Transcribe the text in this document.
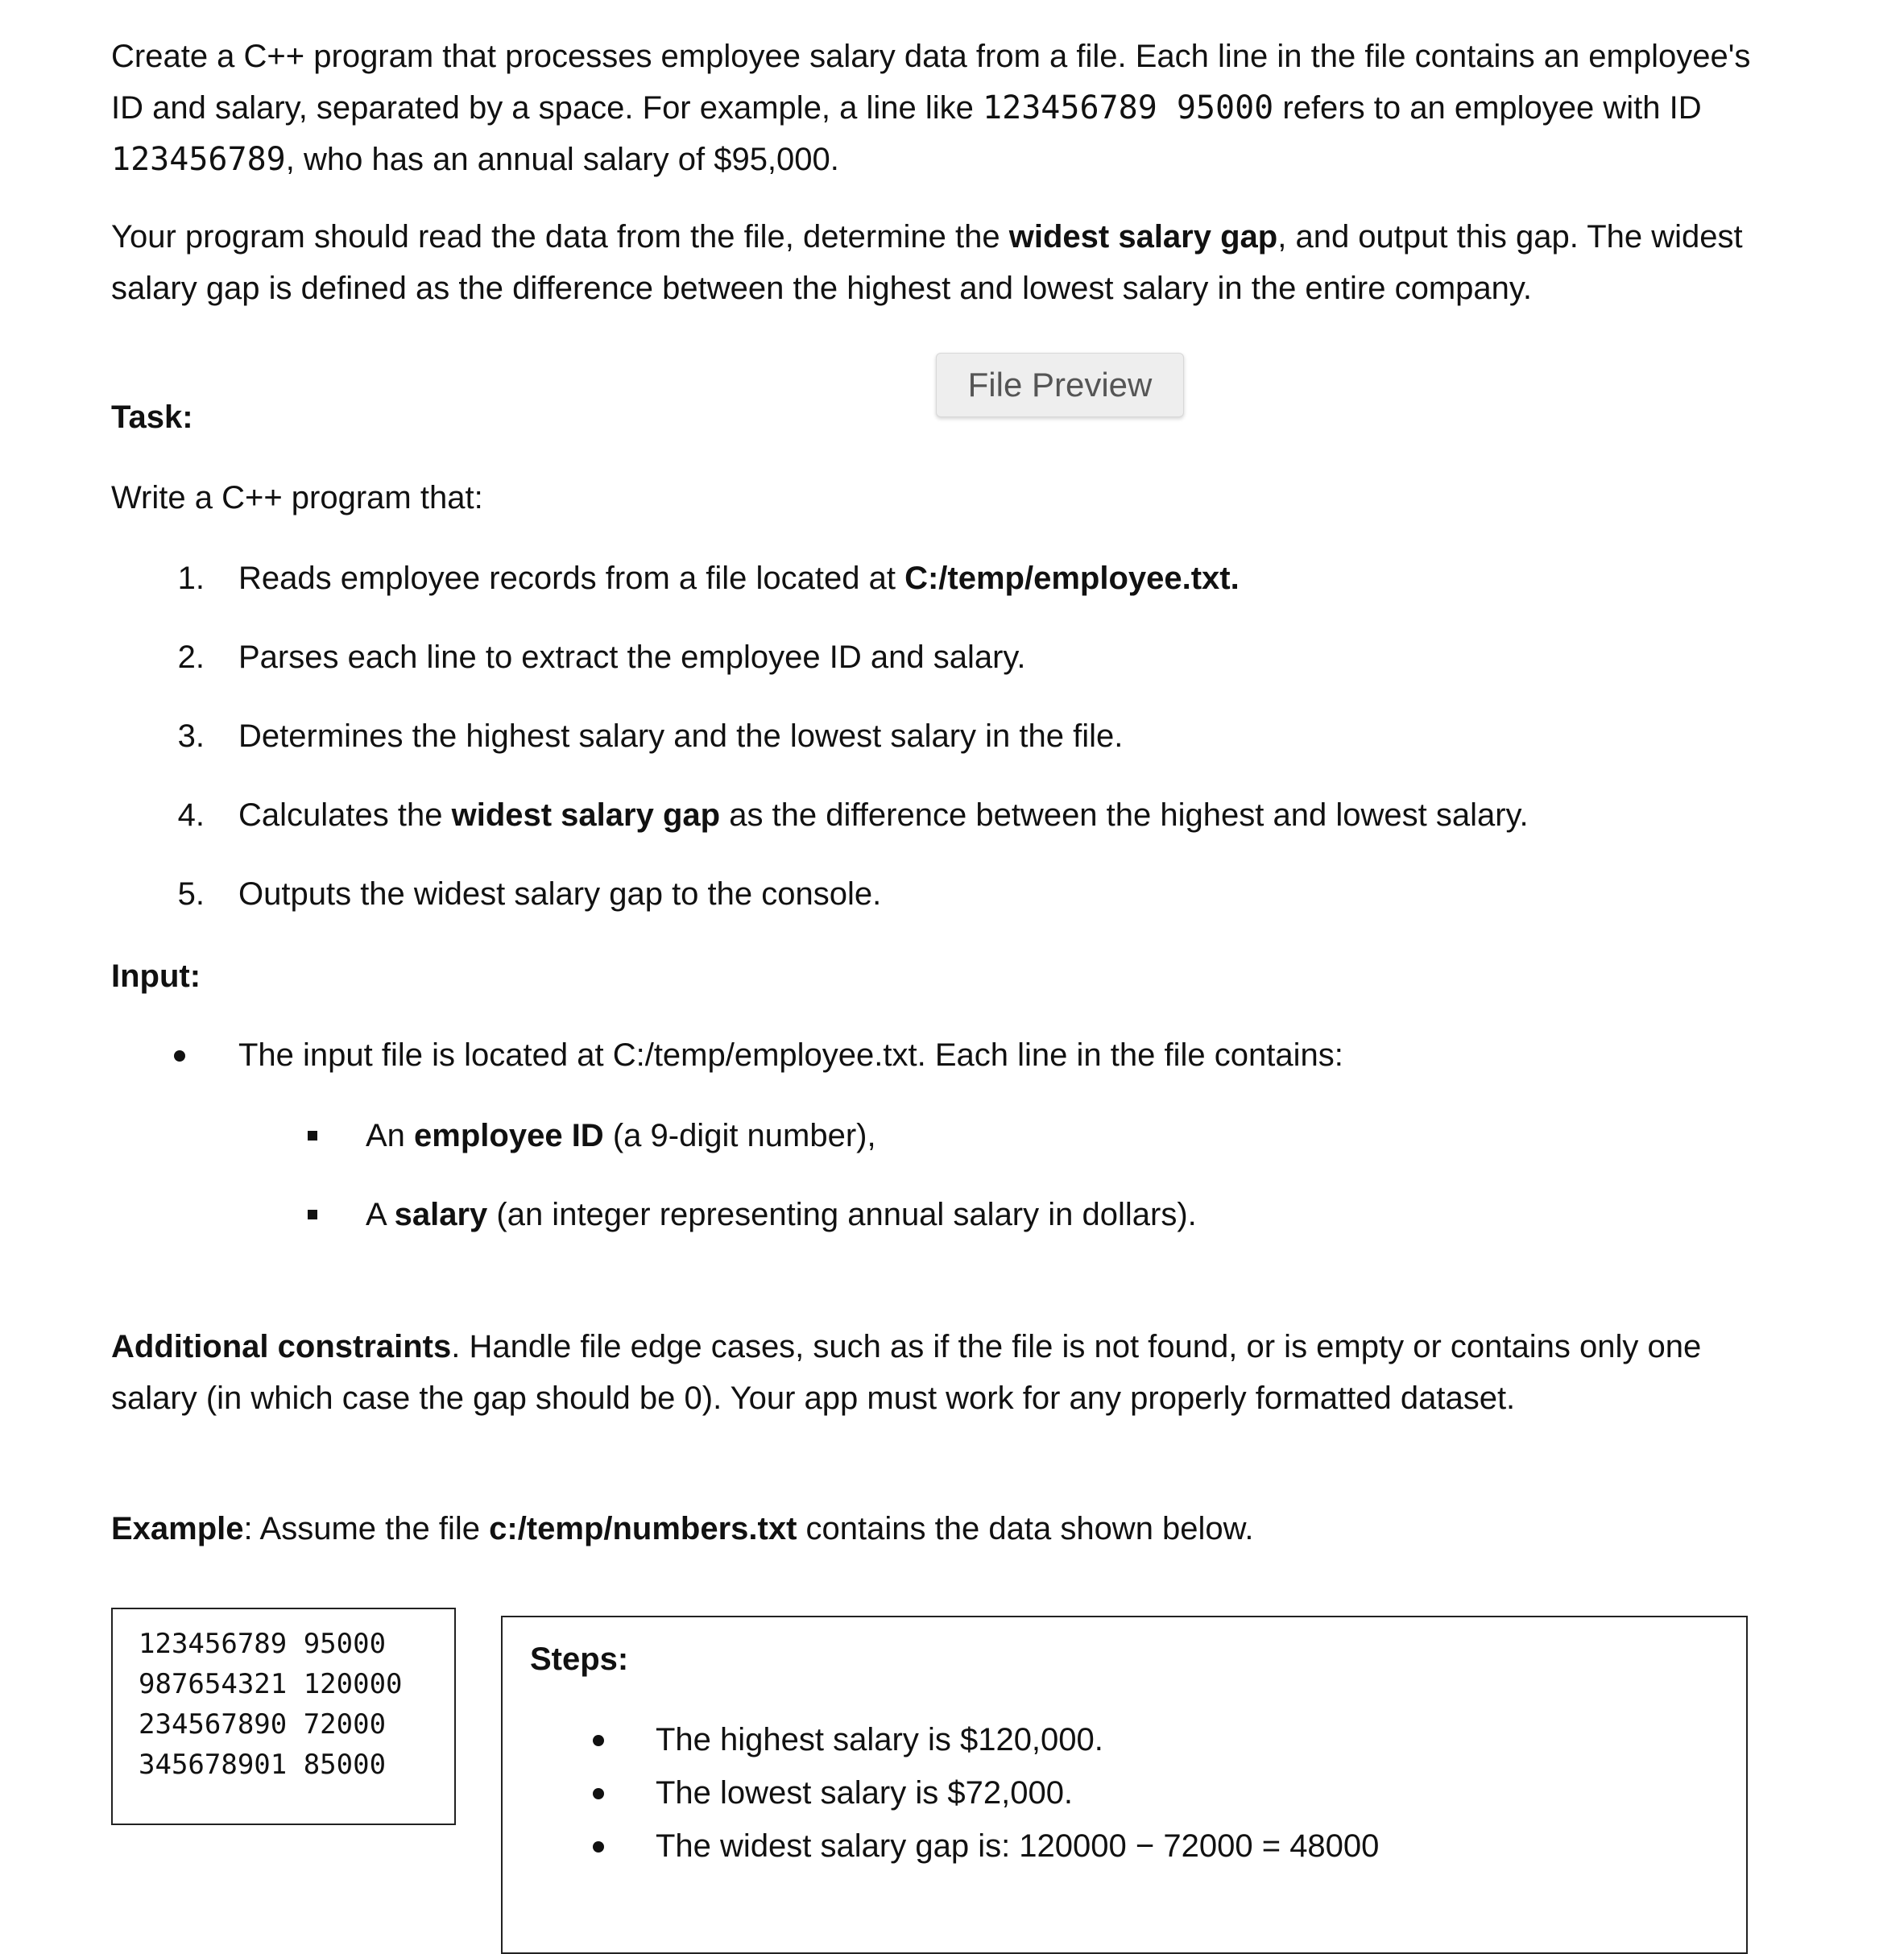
Create a C++ program that processes employee salary data from a file. Each line in the file contains an employee's ID and salary, separated by a space. For example, a line like 123456789 95000 refers to an employee with ID 123456789, who has an annual salary of $95,000.

Your program should read the data from the file, determine the widest salary gap, and output this gap. The widest salary gap is defined as the difference between the highest and lowest salary in the entire company.

File Preview
Task:
Write a C++ program that:
1. Reads employee records from a file located at C:/temp/employee.txt.
2. Parses each line to extract the employee ID and salary.
3. Determines the highest salary and the lowest salary in the file.
4. Calculates the widest salary gap as the difference between the highest and lowest salary.
5. Outputs the widest salary gap to the console.
Input:
The input file is located at C:/temp/employee.txt. Each line in the file contains:
An employee ID (a 9-digit number),
A salary (an integer representing annual salary in dollars).

Additional constraints. Handle file edge cases, such as if the file is not found, or is empty or contains only one salary (in which case the gap should be 0). Your app must work for any properly formatted dataset.

Example: Assume the file c:/temp/numbers.txt contains the data shown below.

123456789 95000
987654321 120000
234567890 72000
345678901 85000
Steps:
The highest salary is $120,000.
The lowest salary is $72,000.
The widest salary gap is: 120000 − 72000 = 48000
